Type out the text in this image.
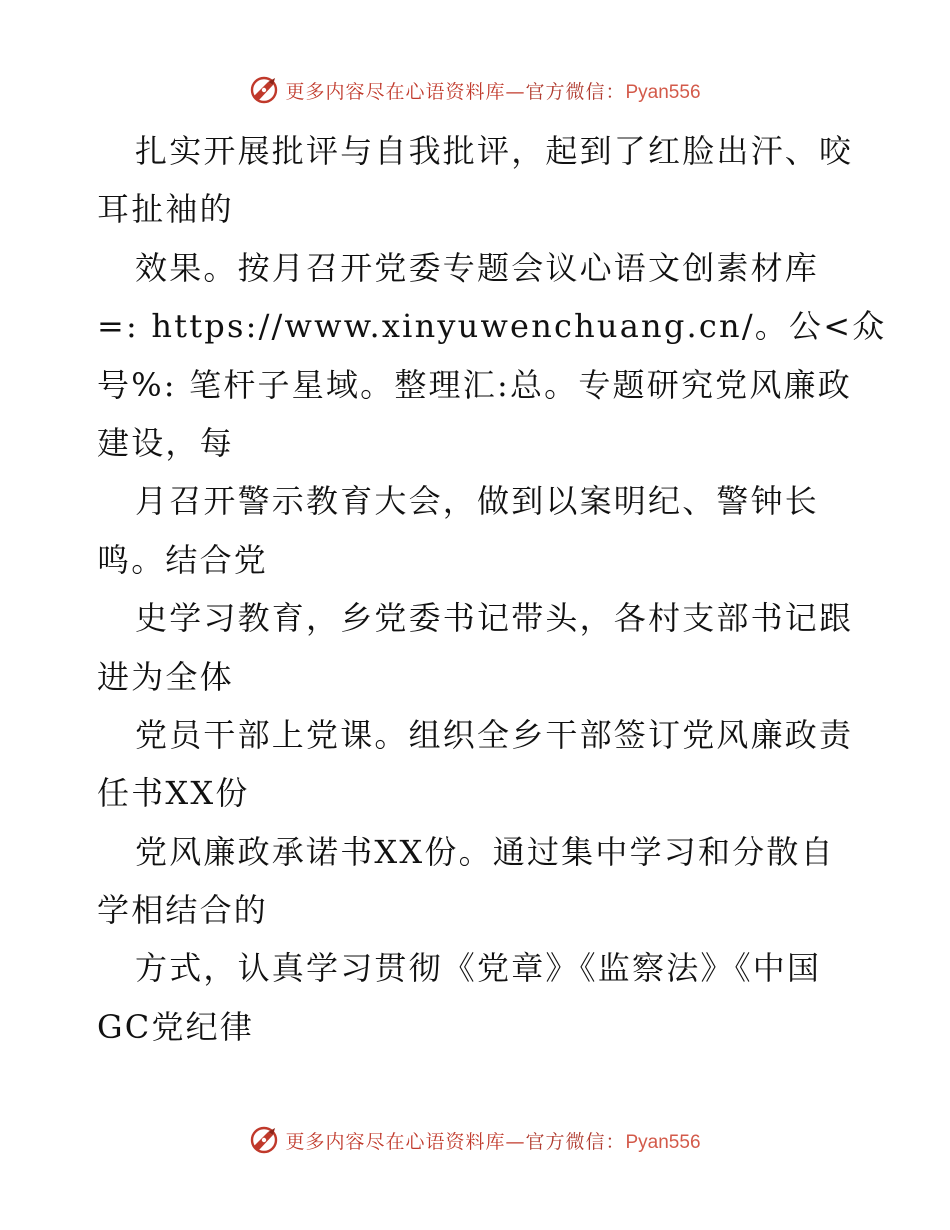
更多内容尽在心语资料库—官方微信：Pyan556
扎实开展批评与自我批评，起到了红脸出汗、咬
耳扯袖的
效果。按月召开党委专题会议心语文创素材库
=: https://www.xinyuwenchuang.cn/。公<众
号%: 笔杆子星域。整理汇:总。专题研究党风廉政
建设，每
月召开警示教育大会，做到以案明纪、警钟长
鸣。结合党
史学习教育，乡党委书记带头，各村支部书记跟
进为全体
党员干部上党课。组织全乡干部签订党风廉政责
任书XX份
党风廉政承诺书XX份。通过集中学习和分散自
学相结合的
方式，认真学习贯彻《党章》《监察法》《中国
GC党纪律
更多内容尽在心语资料库—官方微信：Pyan556
